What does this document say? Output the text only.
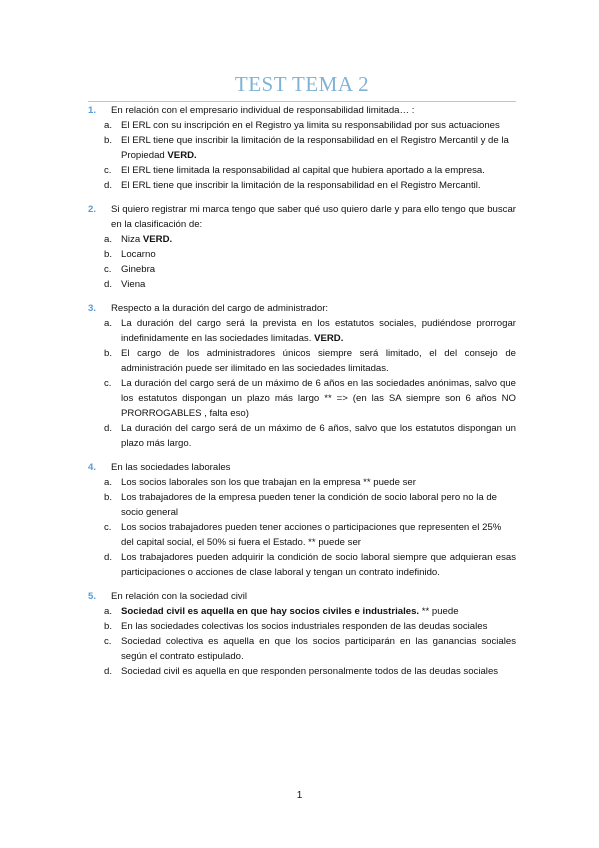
TEST TEMA 2
1. En relación con el empresario individual de responsabilidad limitada… :
a. El ERL con su inscripción en el Registro ya limita su responsabilidad por sus actuaciones
b. El ERL tiene que inscribir la limitación de la responsabilidad en el Registro Mercantil y de la Propiedad VERD.
c. El ERL tiene limitada la responsabilidad al capital que hubiera aportado a la empresa.
d. El ERL tiene que inscribir la limitación de la responsabilidad en el Registro Mercantil.
2. Si quiero registrar mi marca tengo que saber qué uso quiero darle y para ello tengo que buscar en la clasificación de:
a. Niza VERD.
b. Locarno
c. Ginebra
d. Viena
3. Respecto a la duración del cargo de administrador:
a. La duración del cargo será la prevista en los estatutos sociales, pudiéndose prorrogar indefinidamente en las sociedades limitadas. VERD.
b. El cargo de los administradores únicos siempre será limitado, el del consejo de administración puede ser ilimitado en las sociedades limitadas.
c. La duración del cargo será de un máximo de 6 años en las sociedades anónimas, salvo que los estatutos dispongan un plazo más largo ** => (en las SA siempre son 6 años NO PRORROGABLES , falta eso)
d. La duración del cargo será de un máximo de 6 años, salvo que los estatutos dispongan un plazo más largo.
4. En las sociedades laborales
a. Los socios laborales son los que trabajan en la empresa ** puede ser
b. Los trabajadores de la empresa pueden tener la condición de socio laboral pero no la de socio general
c. Los socios trabajadores pueden tener acciones o participaciones que representen el 25% del capital social, el 50% si fuera el Estado. ** puede ser
d. Los trabajadores pueden adquirir la condición de socio laboral siempre que adquieran esas participaciones o acciones de clase laboral y tengan un contrato indefinido.
5. En relación con la sociedad civil
a. Sociedad civil es aquella en que hay socios civiles e industriales. ** puede
b. En las sociedades colectivas los socios industriales responden de las deudas sociales
c. Sociedad colectiva es aquella en que los socios participarán en las ganancias sociales según el contrato estipulado.
d. Sociedad civil es aquella en que responden personalmente todos de las deudas sociales
1
